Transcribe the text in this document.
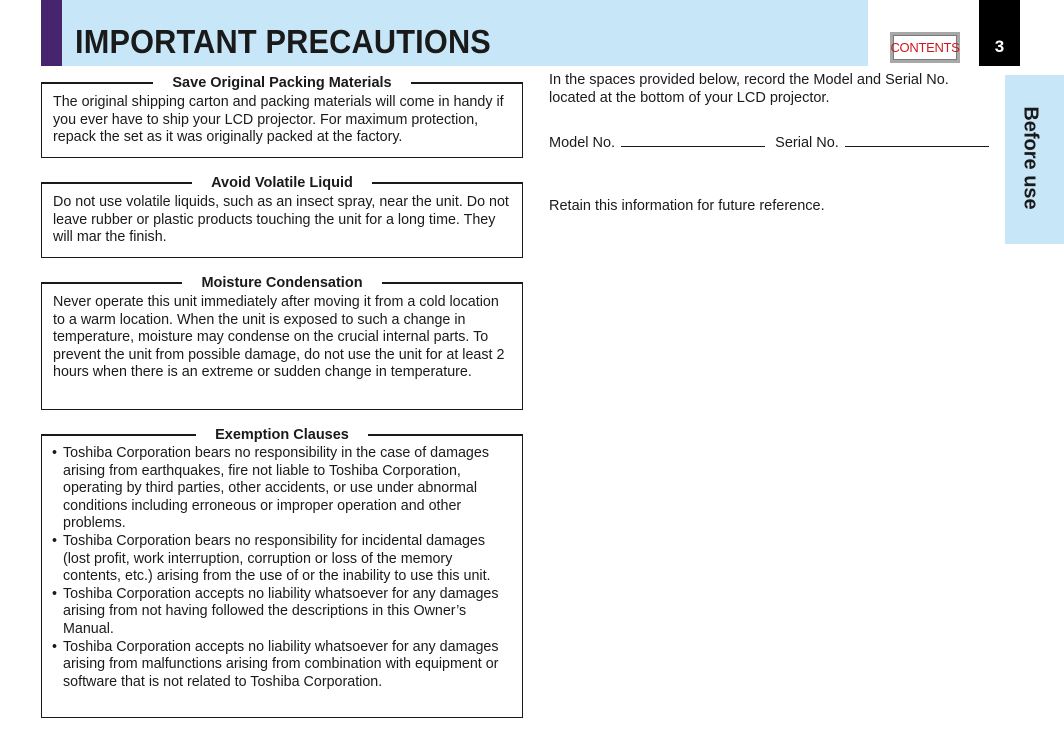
IMPORTANT PRECAUTIONS	CONTENTS	3
Before use
Save Original Packing Materials
The original shipping carton and packing materials will come in handy if you ever have to ship your LCD projector. For maximum protection, repack the set as it was originally packed at the factory.
Avoid Volatile Liquid
Do not use volatile liquids, such as an insect spray, near the unit. Do not leave rubber or plastic products touching the unit for a long time. They will mar the finish.
Moisture Condensation
Never operate this unit immediately after moving it from a cold location to a warm location. When the unit is exposed to such a change in temperature, moisture may condense on the crucial internal parts. To prevent the unit from possible damage, do not use the unit for at least 2 hours when there is an extreme or sudden change in temperature.
Exemption Clauses
• Toshiba Corporation bears no responsibility in the case of damages arising from earthquakes, fire not liable to Toshiba Corporation, operating by third parties, other accidents, or use under abnormal conditions including erroneous or improper operation and other problems.
• Toshiba Corporation bears no responsibility for incidental damages (lost profit, work interruption, corruption or loss of the memory contents, etc.) arising from the use of or the inability to use this unit.
• Toshiba Corporation accepts no liability whatsoever for any damages arising from not having followed the descriptions in this Owner’s Manual.
• Toshiba Corporation accepts no liability whatsoever for any damages arising from malfunctions arising from combination with equipment or software that is not related to Toshiba Corporation.
In the spaces provided below, record the Model and Serial No. located at the bottom of your LCD projector.
Model No.	Serial No.
Retain this information for future reference.
